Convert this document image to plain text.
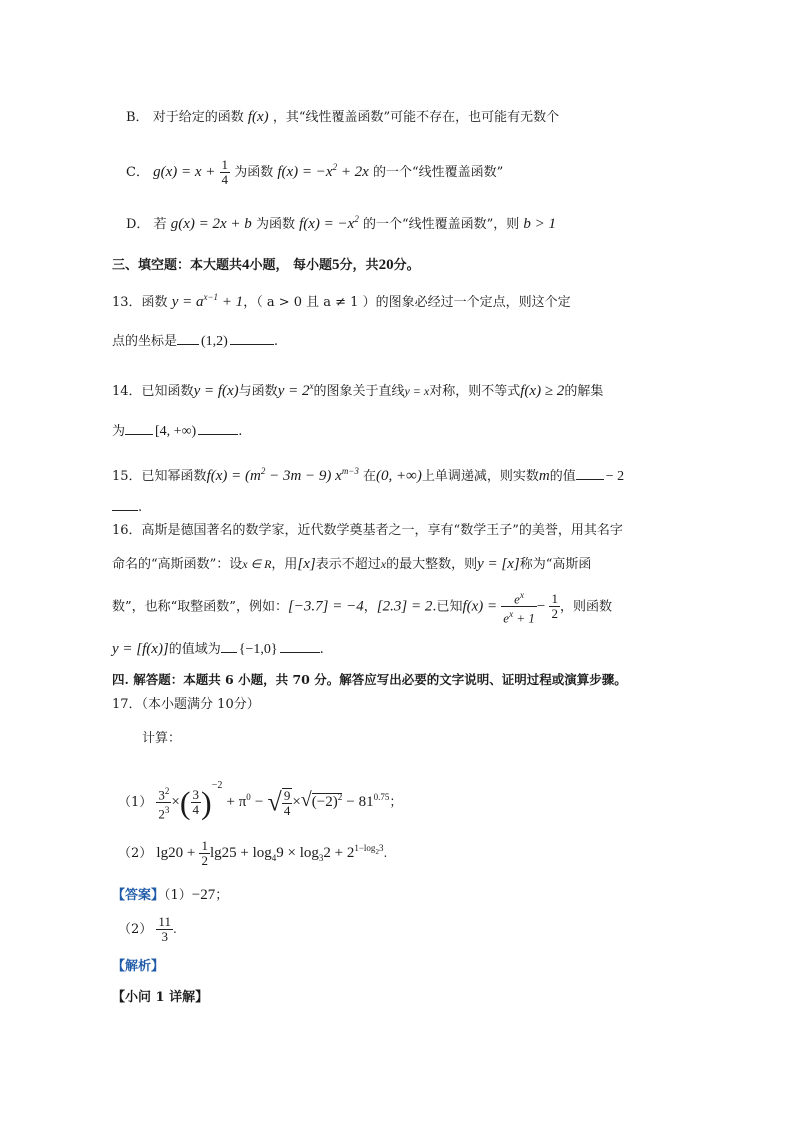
B． 对于给定的函数 f(x) ，其“线性覆盖函数”可能不存在，也可能有无数个
C． $g(x) = x + \frac{1}{4}$ 为函数 $f(x) = -x^2 + 2x$ 的一个“线性覆盖函数”
D． 若 g(x) = 2x + b 为函数 $f(x) = -x^2$ 的一个“线性覆盖函数”，则 b > 1
三、填空题：本大题共4小题， 每小题5分，共20分。
13．函数 $y = a^{x-1} + 1$，（ a > 0 且 a ≠ 1 ）的图象必经过一个定点，则这个定
点的坐标是 (1,2)	.
14．已知函数y = f(x)与函数$y = 2^x$的图象关于直线y = x对称，则不等式f(x) ≥ 2的解集
为 [4, +∞)	.
15．已知幂函数$f(x) = (m^2 - 3m - 9)$ $x^{m-3}$ 在(0, +∞)上单调递减，则实数m的值 − 2
.
16．高斯是德国著名的数学家，近代数学奠基者之一，享有“数学王子”的美誉，用其名字
命名的“高斯函数”：设x ∈ R，用[x]表示不超过x的最大整数，则y = [x]称为“高斯函
数”，也称“取整函数”，例如：[−3.7] = −4，[2.3] = 2.已知$f(x) = \frac{e^x}{e^x + 1} - \frac{1}{2}$ ，则函数
y = [f(x)]的值域为 {−1,0}	.
四. 解答题：本题共 6 小题，共 70 分。解答应写出必要的文字说明、证明过程或演算步骤。
17．（本小题满分 10分）
计算：
$(1) \frac{3^2}{2^3}$ ×( $\frac{3}{4} )^{-2} + \pi^0$ − √ $\frac{9}{4} \times√(-2)^2 - 81^{0.75}$；
（2） $\lg 20 + \frac{1}{2} \lg 25 + \log_49 \times \log_32 + 2^{1-log_23}$.
【答案】（1）−27；
$(2) \frac{11}{3}$ .
【解析】
【小问 1 详解】
